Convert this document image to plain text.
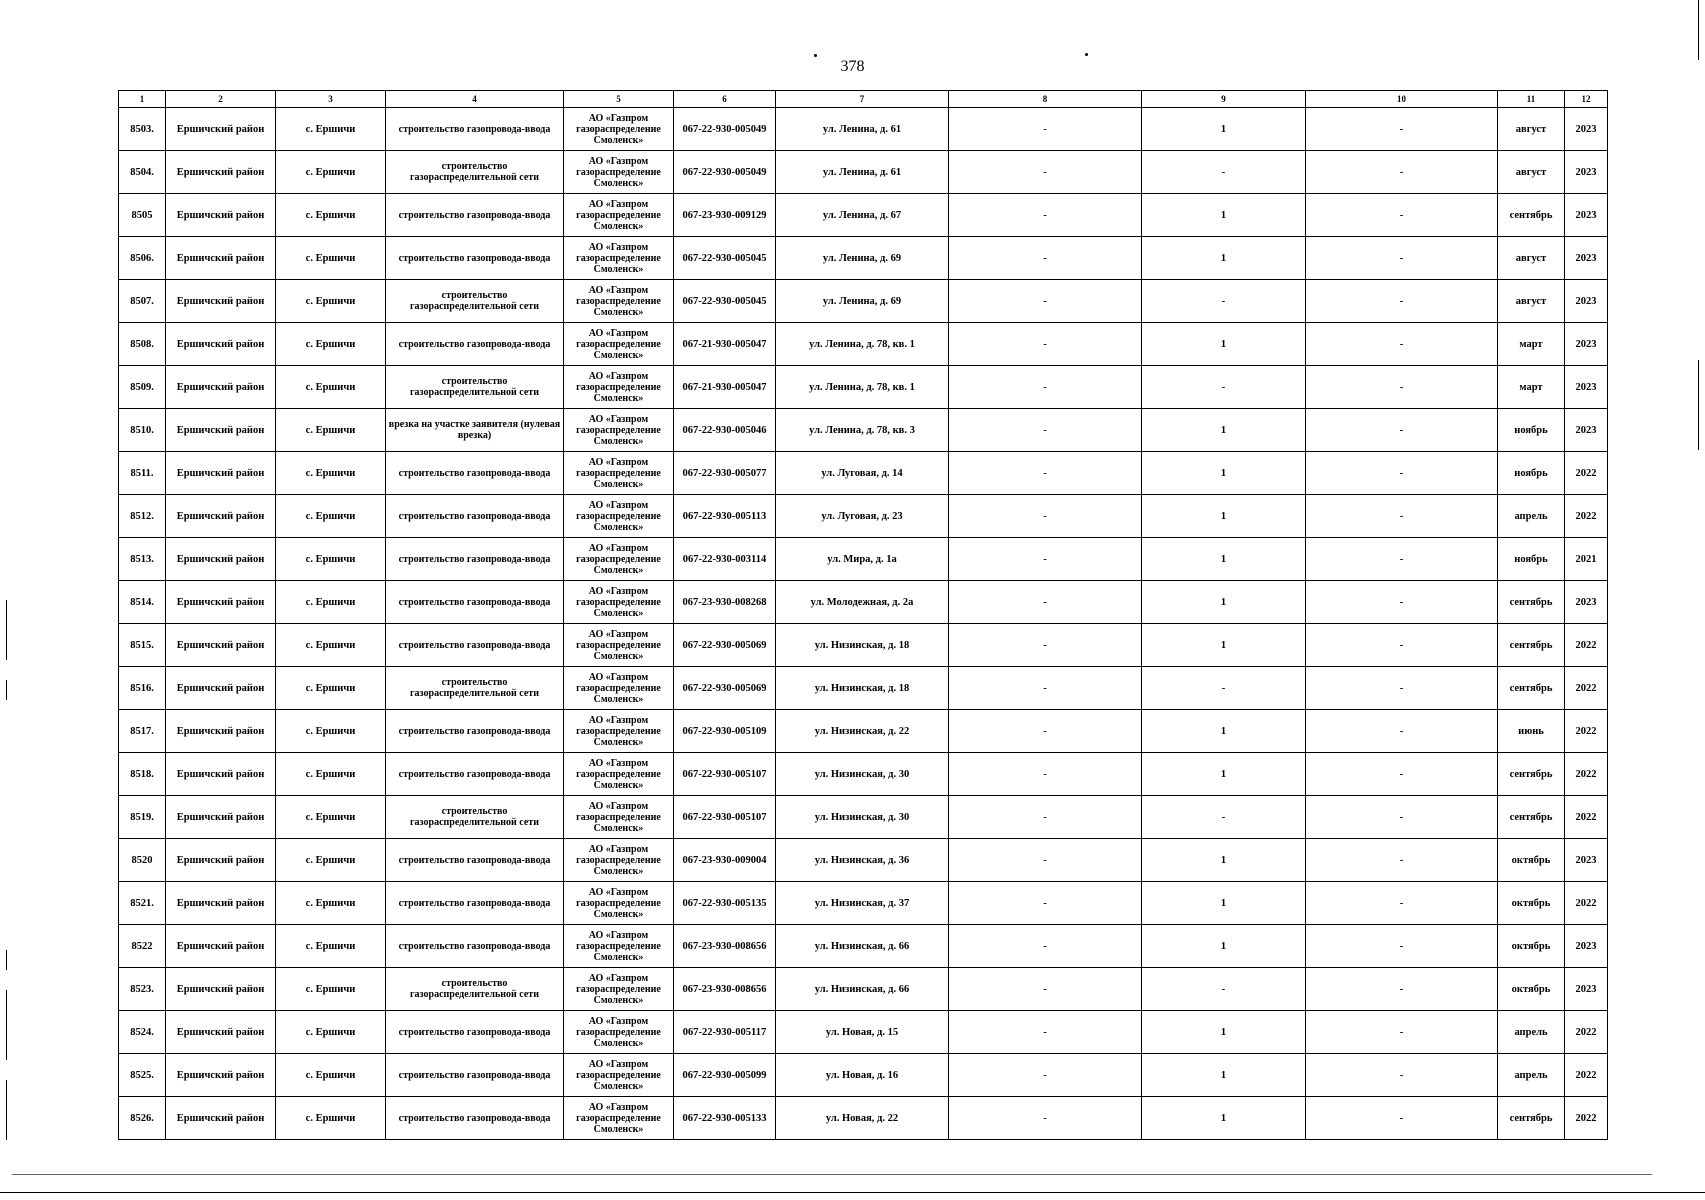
378
1	2	3	4	5	6	7	8	9	10	11	12
8503.	Ершичский район	с. Ершичи	строительство газопровода-ввода	АО «Газпром газораспределение Смоленск»	067-22-930-005049	ул. Ленина, д. 61	-	1	-	август	2023
8504.	Ершичский район	с. Ершичи	строительство газораспределительной сети	АО «Газпром газораспределение Смоленск»	067-22-930-005049	ул. Ленина, д. 61	-	-	-	август	2023
8505	Ершичский район	с. Ершичи	строительство газопровода-ввода	АО «Газпром газораспределение Смоленск»	067-23-930-009129	ул. Ленина, д. 67	-	1	-	сентябрь	2023
8506.	Ершичский район	с. Ершичи	строительство газопровода-ввода	АО «Газпром газораспределение Смоленск»	067-22-930-005045	ул. Ленина, д. 69	-	1	-	август	2023
8507.	Ершичский район	с. Ершичи	строительство газораспределительной сети	АО «Газпром газораспределение Смоленск»	067-22-930-005045	ул. Ленина, д. 69	-	-	-	август	2023
8508.	Ершичский район	с. Ершичи	строительство газопровода-ввода	АО «Газпром газораспределение Смоленск»	067-21-930-005047	ул. Ленина, д. 78, кв. 1	-	1	-	март	2023
8509.	Ершичский район	с. Ершичи	строительство газораспределительной сети	АО «Газпром газораспределение Смоленск»	067-21-930-005047	ул. Ленина, д. 78, кв. 1	-	-	-	март	2023
8510.	Ершичский район	с. Ершичи	врезка на участке заявителя (нулевая врезка)	АО «Газпром газораспределение Смоленск»	067-22-930-005046	ул. Ленина, д. 78, кв. 3	-	1	-	ноябрь	2023
8511.	Ершичский район	с. Ершичи	строительство газопровода-ввода	АО «Газпром газораспределение Смоленск»	067-22-930-005077	ул. Луговая, д. 14	-	1	-	ноябрь	2022
8512.	Ершичский район	с. Ершичи	строительство газопровода-ввода	АО «Газпром газораспределение Смоленск»	067-22-930-005113	ул. Луговая, д. 23	-	1	-	апрель	2022
8513.	Ершичский район	с. Ершичи	строительство газопровода-ввода	АО «Газпром газораспределение Смоленск»	067-22-930-003114	ул. Мира, д. 1а	-	1	-	ноябрь	2021
8514.	Ершичский район	с. Ершичи	строительство газопровода-ввода	АО «Газпром газораспределение Смоленск»	067-23-930-008268	ул. Молодежная, д. 2а	-	1	-	сентябрь	2023
8515.	Ершичский район	с. Ершичи	строительство газопровода-ввода	АО «Газпром газораспределение Смоленск»	067-22-930-005069	ул. Низинская, д. 18	-	1	-	сентябрь	2022
8516.	Ершичский район	с. Ершичи	строительство газораспределительной сети	АО «Газпром газораспределение Смоленск»	067-22-930-005069	ул. Низинская, д. 18	-	-	-	сентябрь	2022
8517.	Ершичский район	с. Ершичи	строительство газопровода-ввода	АО «Газпром газораспределение Смоленск»	067-22-930-005109	ул. Низинская, д. 22	-	1	-	июнь	2022
8518.	Ершичский район	с. Ершичи	строительство газопровода-ввода	АО «Газпром газораспределение Смоленск»	067-22-930-005107	ул. Низинская, д. 30	-	1	-	сентябрь	2022
8519.	Ершичский район	с. Ершичи	строительство газораспределительной сети	АО «Газпром газораспределение Смоленск»	067-22-930-005107	ул. Низинская, д. 30	-	-	-	сентябрь	2022
8520	Ершичский район	с. Ершичи	строительство газопровода-ввода	АО «Газпром газораспределение Смоленск»	067-23-930-009004	ул. Низинская, д. 36	-	1	-	октябрь	2023
8521.	Ершичский район	с. Ершичи	строительство газопровода-ввода	АО «Газпром газораспределение Смоленск»	067-22-930-005135	ул. Низинская, д. 37	-	1	-	октябрь	2022
8522	Ершичский район	с. Ершичи	строительство газопровода-ввода	АО «Газпром газораспределение Смоленск»	067-23-930-008656	ул. Низинская, д. 66	-	1	-	октябрь	2023
8523.	Ершичский район	с. Ершичи	строительство газораспределительной сети	АО «Газпром газораспределение Смоленск»	067-23-930-008656	ул. Низинская, д. 66	-	-	-	октябрь	2023
8524.	Ершичский район	с. Ершичи	строительство газопровода-ввода	АО «Газпром газораспределение Смоленск»	067-22-930-005117	ул. Новая, д. 15	-	1	-	апрель	2022
8525.	Ершичский район	с. Ершичи	строительство газопровода-ввода	АО «Газпром газораспределение Смоленск»	067-22-930-005099	ул. Новая, д. 16	-	1	-	апрель	2022
8526.	Ершичский район	с. Ершичи	строительство газопровода-ввода	АО «Газпром газораспределение Смоленск»	067-22-930-005133	ул. Новая, д. 22	-	1	-	сентябрь	2022
